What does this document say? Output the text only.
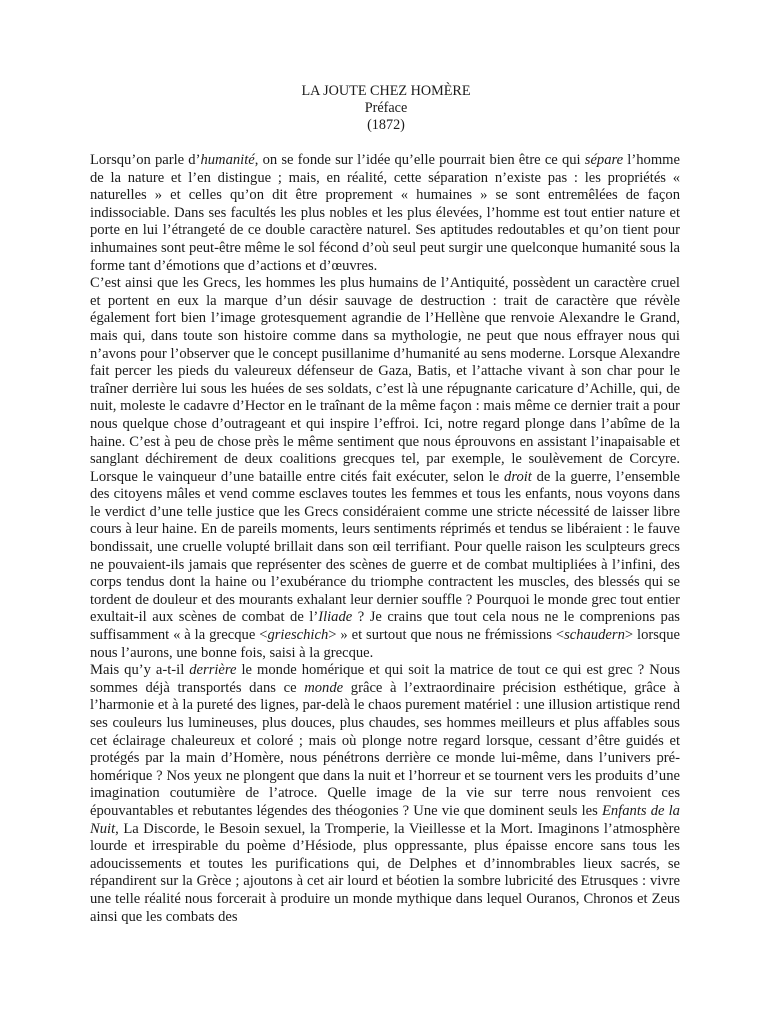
LA JOUTE CHEZ HOMÈRE
Préface
(1872)

Lorsqu’on parle d’humanité, on se fonde sur l’idée qu’elle pourrait bien être ce qui sépare l’homme de la nature et l’en distingue ; mais, en réalité, cette séparation n’existe pas : les propriétés « naturelles » et celles qu’on dit être proprement « humaines » se sont entremêlées de façon indissociable. Dans ses facultés les plus nobles et les plus élevées, l’homme est tout entier nature et porte en lui l’étrangeté de ce double caractère naturel. Ses aptitudes redoutables et qu’on tient pour inhumaines sont peut-être même le sol fécond d’où seul peut surgir une quelconque humanité sous la forme tant d’émotions que d’actions et d’œuvres.

C’est ainsi que les Grecs, les hommes les plus humains de l’Antiquité, possèdent un caractère cruel et portent en eux la marque d’un désir sauvage de destruction : trait de caractère que révèle également fort bien l’image grotesquement agrandie de l’Hellène que renvoie Alexandre le Grand, mais qui, dans toute son histoire comme dans sa mythologie, ne peut que nous effrayer nous qui n’avons pour l’observer que le concept pusillanime d’humanité au sens moderne. Lorsque Alexandre fait percer les pieds du valeureux défenseur de Gaza, Batis, et l’attache vivant à son char pour le traîner derrière lui sous les huées de ses soldats, c’est là une répugnante caricature d’Achille, qui, de nuit, moleste le cadavre d’Hector en le traînant de la même façon : mais même ce dernier trait a pour nous quelque chose d’outrageant et qui inspire l’effroi. Ici, notre regard plonge dans l’abîme de la haine. C’est à peu de chose près le même sentiment que nous éprouvons en assistant l’inapaisable et sanglant déchirement de deux coalitions grecques tel, par exemple, le soulèvement de Corcyre. Lorsque le vainqueur d’une bataille entre cités fait exécuter, selon le droit de la guerre, l’ensemble des citoyens mâles et vend comme esclaves toutes les femmes et tous les enfants, nous voyons dans le verdict d’une telle justice que les Grecs considéraient comme une stricte nécessité de laisser libre cours à leur haine. En de pareils moments, leurs sentiments réprimés et tendus se libéraient : le fauve bondissait, une cruelle volupté brillait dans son œil terrifiant. Pour quelle raison les sculpteurs grecs ne pouvaient-ils jamais que représenter des scènes de guerre et de combat multipliées à l’infini, des corps tendus dont la haine ou l’exubérance du triomphe contractent les muscles, des blessés qui se tordent de douleur et des mourants exhalant leur dernier souffle ? Pourquoi le monde grec tout entier exultait-il aux scènes de combat de l’Iliade ? Je crains que tout cela nous ne le comprenions pas suffisamment « à la grecque <grieschich> » et surtout que nous ne frémissions <schaudern> lorsque nous l’aurons, une bonne fois, saisi à la grecque.

Mais qu’y a-t-il derrière le monde homérique et qui soit la matrice de tout ce qui est grec ? Nous sommes déjà transportés dans ce monde grâce à l’extraordinaire précision esthétique, grâce à l’harmonie et à la pureté des lignes, par-delà le chaos purement matériel : une illusion artistique rend ses couleurs lus lumineuses, plus douces, plus chaudes, ses hommes meilleurs et plus affables sous cet éclairage chaleureux et coloré ; mais où plonge notre regard lorsque, cessant d’être guidés et protégés par la main d’Homère, nous pénétrons derrière ce monde lui-même, dans l’univers pré-homérique ? Nos yeux ne plongent que dans la nuit et l’horreur et se tournent vers les produits d’une imagination coutumière de l’atroce. Quelle image de la vie sur terre nous renvoient ces épouvantables et rebutantes légendes des théogonies ? Une vie que dominent seuls les Enfants de la Nuit, La Discorde, le Besoin sexuel, la Tromperie, la Vieillesse et la Mort. Imaginons l’atmosphère lourde et irrespirable du poème d’Hésiode, plus oppressante, plus épaisse encore sans tous les adoucissements et toutes les purifications qui, de Delphes et d’innombrables lieux sacrés, se répandirent sur la Grèce ; ajoutons à cet air lourd et béotien la sombre lubricité des Etrusques : vivre une telle réalité nous forcerait à produire un monde mythique dans lequel Ouranos, Chronos et Zeus ainsi que les combats des
